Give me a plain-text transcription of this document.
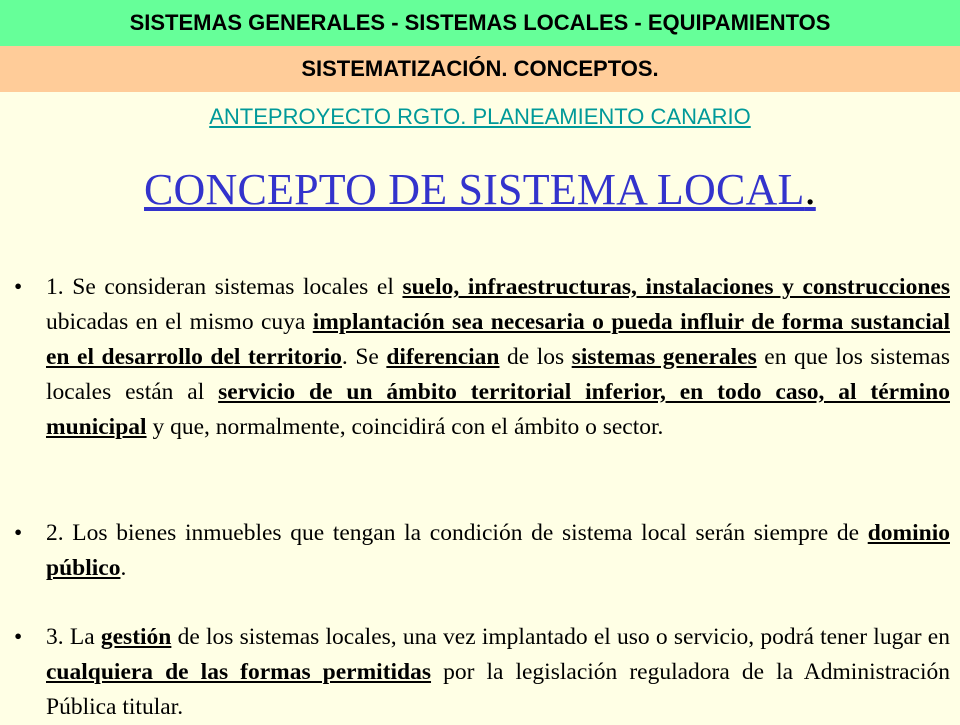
SISTEMAS GENERALES - SISTEMAS LOCALES - EQUIPAMIENTOS
SISTEMATIZACIÓN. CONCEPTOS.
ANTEPROYECTO RGTO. PLANEAMIENTO CANARIO
CONCEPTO DE SISTEMA LOCAL.
• 1. Se consideran sistemas locales el suelo, infraestructuras, instalaciones y construcciones ubicadas en el mismo cuya implantación sea necesaria o pueda influir de forma sustancial en el desarrollo del territorio. Se diferencian de los sistemas generales en que los sistemas locales están al servicio de un ámbito territorial inferior, en todo caso, al término municipal y que, normalmente, coincidirá con el ámbito o sector.
• 2. Los bienes inmuebles que tengan la condición de sistema local serán siempre de dominio público.
• 3. La gestión de los sistemas locales, una vez implantado el uso o servicio, podrá tener lugar en cualquiera de las formas permitidas por la legislación reguladora de la Administración Pública titular.
